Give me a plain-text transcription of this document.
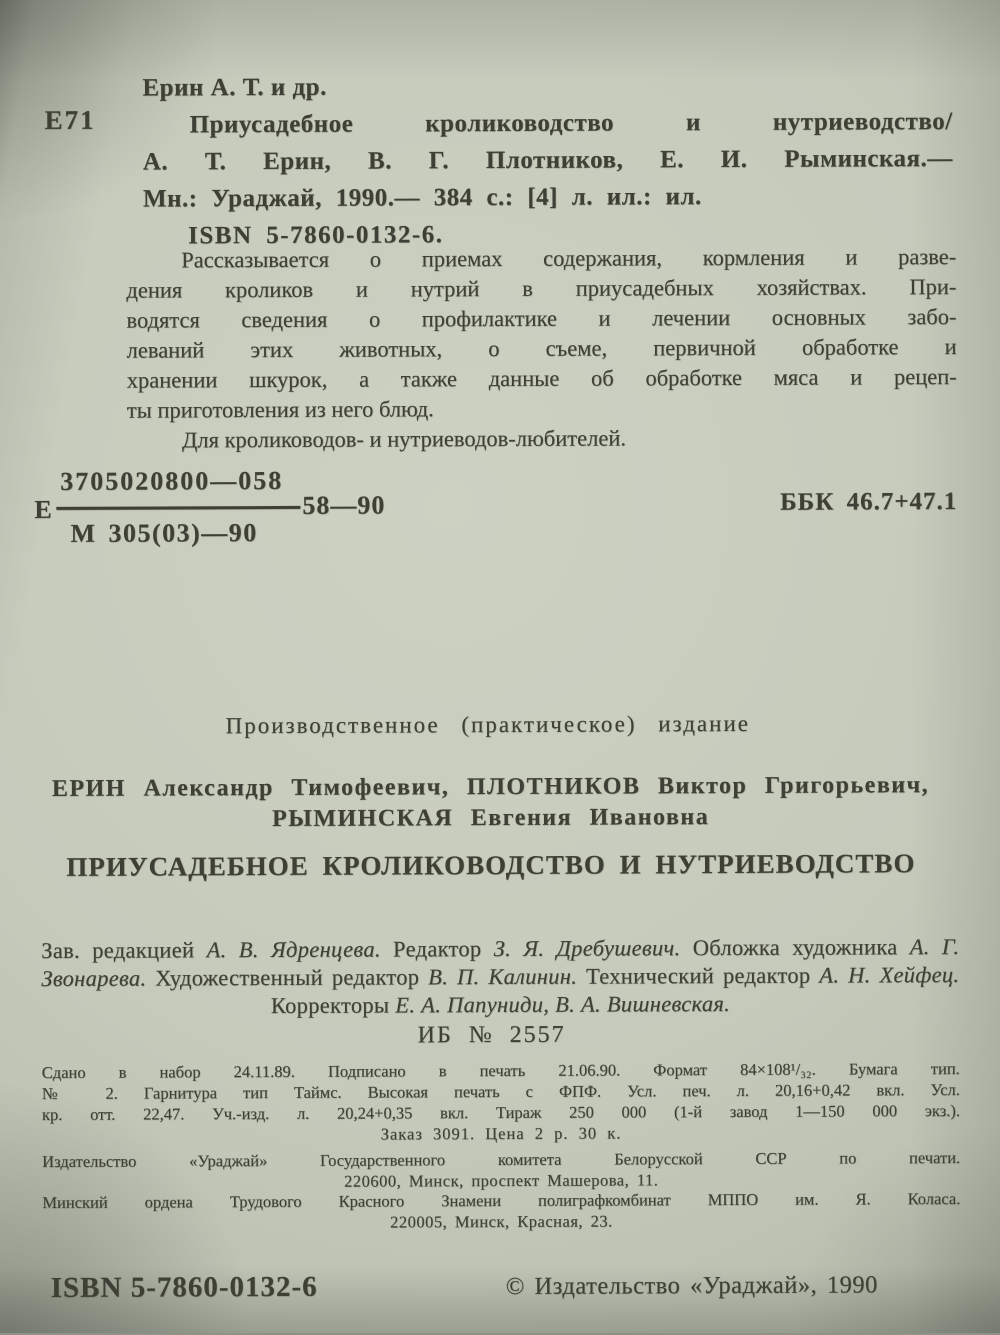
Е71
Ерин А. Т. и др.
Приусадебное кролиководство и нутриеводство/
А. Т. Ерин, В. Г. Плотников, Е. И. Рыминская.—
Мн.: Ураджай, 1990.— 384 с.: [4] л. ил.: ил.
ISBN 5-7860-0132-6.
Рассказывается о приемах содержания, кормления и разве-
дения кроликов и нутрий в приусадебных хозяйствах. При-
водятся сведения о профилактике и лечении основных забо-
леваний этих животных, о съеме, первичной обработке и
хранении шкурок, а также данные об обработке мяса и рецеп-
ты приготовления из него блюд.
Для кролиководов- и нутриеводов-любителей.
Е
3705020800—058
58—90
М 305(03)—90
ББК 46.7+47.1
Производственное (практическое) издание
ЕРИН Александр Тимофеевич, ПЛОТНИКОВ Виктор Григорьевич,
РЫМИНСКАЯ Евгения Ивановна
ПРИУСАДЕБНОЕ КРОЛИКОВОДСТВО И НУТРИЕВОДСТВО

Зав. редакцией А. В. Ядренцева. Редактор З. Я. Дребушевич. Обложка художника А. Г. Звонарева. Художественный редактор В. П. Калинин. Технический редактор А. Н. Хейфец. Корректоры Е. А. Папуниди, В. А. Вишневская.

ИБ № 2557
Сдано в набор 24.11.89. Подписано в печать 21.06.90. Формат 84×108¹/₃₂. Бумага тип.
№ 2. Гарнитура тип Таймс. Высокая печать с ФПФ. Усл. печ. л. 20,16+0,42 вкл. Усл.
кр. отт. 22,47. Уч.-изд. л. 20,24+0,35 вкл. Тираж 250 000 (1-й завод 1—150 000 экз.).
Заказ 3091. Цена 2 р. 30 к.
Издательство «Ураджай» Государственного комитета Белорусской ССР по печати.
220600, Минск, проспект Машерова, 11.
Минский ордена Трудового Красного Знамени полиграфкомбинат МППО им. Я. Коласа.
220005, Минск, Красная, 23.
ISBN 5-7860-0132-6	© Издательство «Ураджай», 1990
